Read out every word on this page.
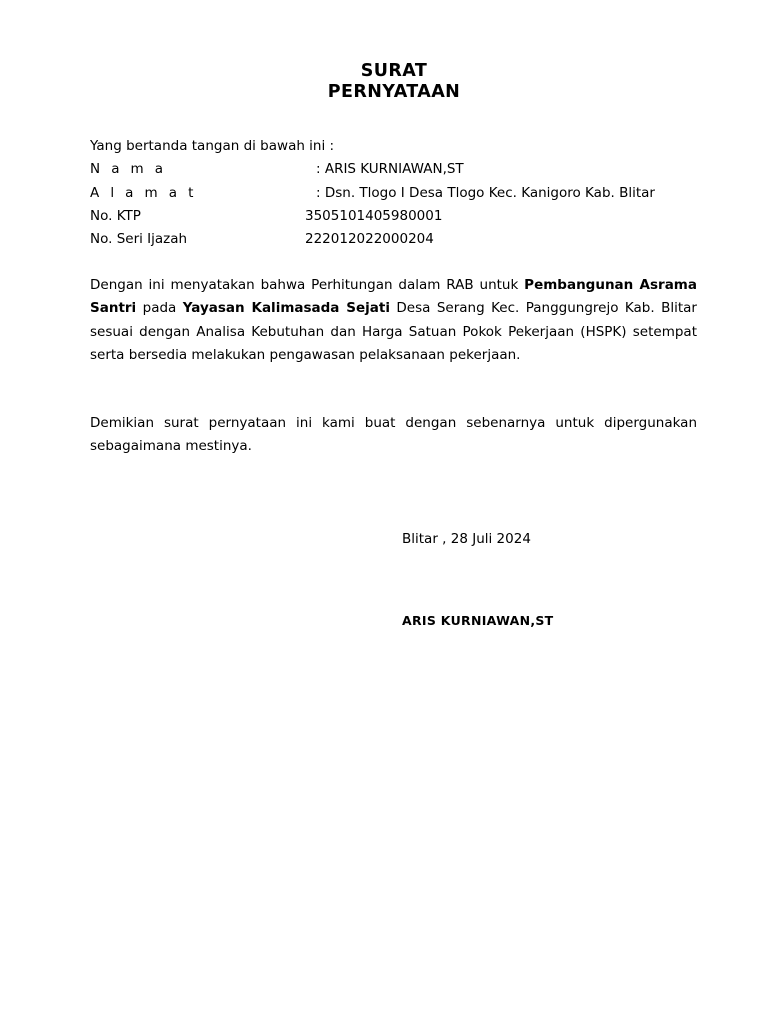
SURAT
PERNYATAAN
Yang bertanda tangan di bawah ini :
N a m a	: ARIS KURNIAWAN,ST
A l a m a t	: Dsn. Tlogo I Desa Tlogo Kec. Kanigoro Kab. Blitar
No. KTP	3505101405980001
No. Seri Ijazah	222012022000204
Dengan ini menyatakan bahwa Perhitungan dalam RAB untuk Pembangunan Asrama Santri pada Yayasan Kalimasada Sejati Desa Serang Kec. Panggungrejo Kab. Blitar sesuai dengan Analisa Kebutuhan dan Harga Satuan Pokok Pekerjaan (HSPK) setempat serta bersedia melakukan pengawasan pelaksanaan pekerjaan.
Demikian surat pernyataan ini kami buat dengan sebenarnya untuk dipergunakan sebagaimana mestinya.
Blitar , 28 Juli 2024
ARIS KURNIAWAN,ST
